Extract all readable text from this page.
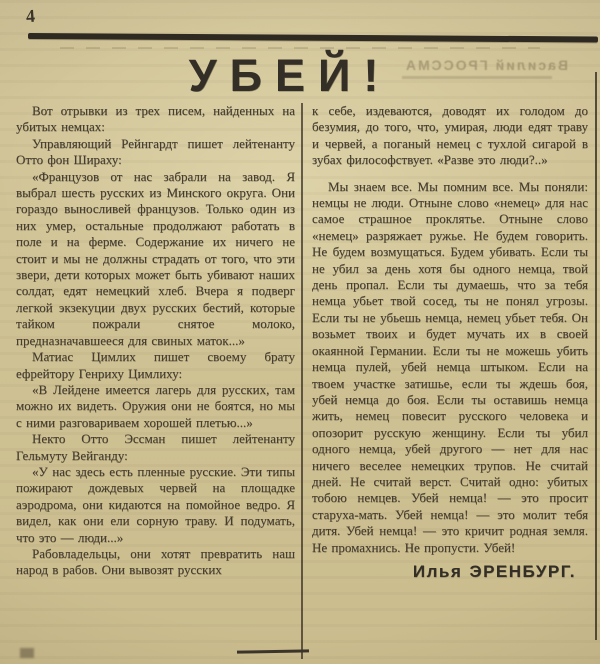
4
Василий ГРОССМА
УБЕЙ!

Вот отрывки из трех писем, найденных на убитых немцах:

Управляющий Рейнгардт пишет лейтенанту Отто фон Шираху:

«Французов от нас забрали на завод. Я выбрал шесть русских из Минского округа. Они гораздо выносливей французов. Только один из них умер, остальные продолжают работать в поле и на ферме. Содержание их ничего не стоит и мы не должны страдать от того, что эти звери, дети которых может быть убивают наших солдат, едят немецкий хлеб. Вчера я подверг легкой экзекуции двух русских бестий, которые тайком пожрали снятое молоко, предназначавшееся для свиных маток...»

Матиас Цимлих пишет своему брату ефрейтору Генриху Цимлиху:

«В Лейдене имеется лагерь для русских, там можно их видеть. Оружия они не боятся, но мы с ними разговариваем хорошей плетью...»

Некто Отто Эссман пишет лейтенанту Гельмуту Вейганду:

«У нас здесь есть пленные русские. Эти типы пожирают дождевых червей на площадке аэродрома, они кидаются на помойное ведро. Я видел, как они ели сорную траву. И подумать, что это — люди...»

Рабовладельцы, они хотят превратить наш народ в рабов. Они вывозят русских

к себе, издеваются, доводят их голодом до безумия, до того, что, умирая, люди едят траву и червей, а поганый немец с тухлой сигарой в зубах философствует. «Разве это люди?..»

Мы знаем все. Мы помним все. Мы поняли: немцы не люди. Отныне слово «немец» для нас самое страшное проклятье. Отныне слово «немец» разряжает ружье. Не будем говорить. Не будем возмущаться. Будем убивать. Если ты не убил за день хотя бы одного немца, твой день пропал. Если ты думаешь, что за тебя немца убьет твой сосед, ты не понял угрозы. Если ты не убьешь немца, немец убьет тебя. Он возьмет твоих и будет мучать их в своей окаянной Германии. Если ты не можешь убить немца пулей, убей немца штыком. Если на твоем участке затишье, если ты ждешь боя, убей немца до боя. Если ты оставишь немца жить, немец повесит русского человека и опозорит русскую женщину. Если ты убил одного немца, убей другого — нет для нас ничего веселее немецких трупов. Не считай дней. Не считай верст. Считай одно: убитых тобою немцев. Убей немца! — это просит старуха-мать. Убей немца! — это молит тебя дитя. Убей немца! — это кричит родная земля. Не промахнись. Не пропусти. Убей!

Илья ЭРЕНБУРГ.
